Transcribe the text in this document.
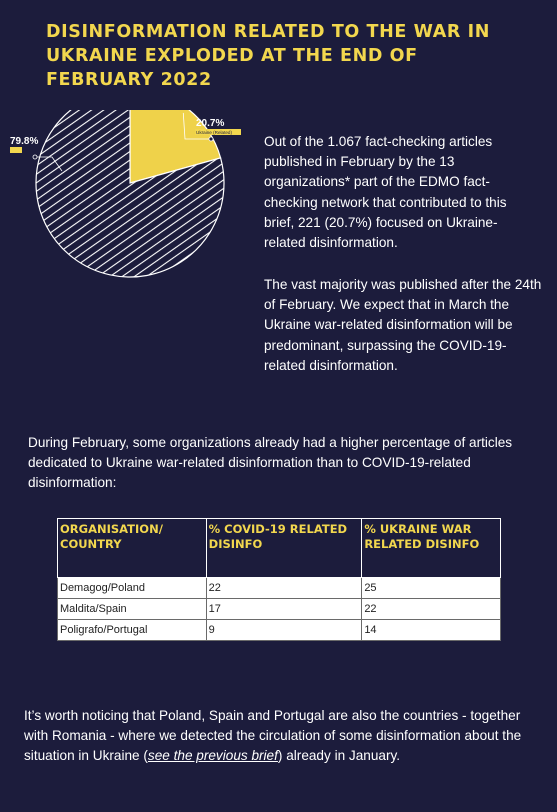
DISINFORMATION RELATED TO THE WAR IN UKRAINE EXPLODED AT THE END OF FEBRUARY 2022
20.7%
Ukraine (Related)
79.8%	Out of the 1.067 fact-checking articles published in February by the 13 organizations* part of the EDMO fact-checking network that contributed to this brief, 221 (20.7%) focused on Ukraine-related disinformation.

The vast majority was published after the 24th of February. We expect that in March the Ukraine war-related disinformation will be predominant, surpassing the COVID-19-related disinformation.

During February, some organizations already had a higher percentage of articles dedicated to Ukraine war-related disinformation than to COVID-19-related disinformation:

ORGANISATION/ COUNTRY	% COVID-19 RELATED DISINFO	% UKRAINE WAR RELATED DISINFO
Demagog/Poland	22	25
Maldita/Spain	17	22
Poligrafo/Portugal	9	14

It’s worth noticing that Poland, Spain and Portugal are also the countries - together with Romania - where we detected the circulation of some disinformation about the situation in Ukraine (see the previous brief) already in January.
